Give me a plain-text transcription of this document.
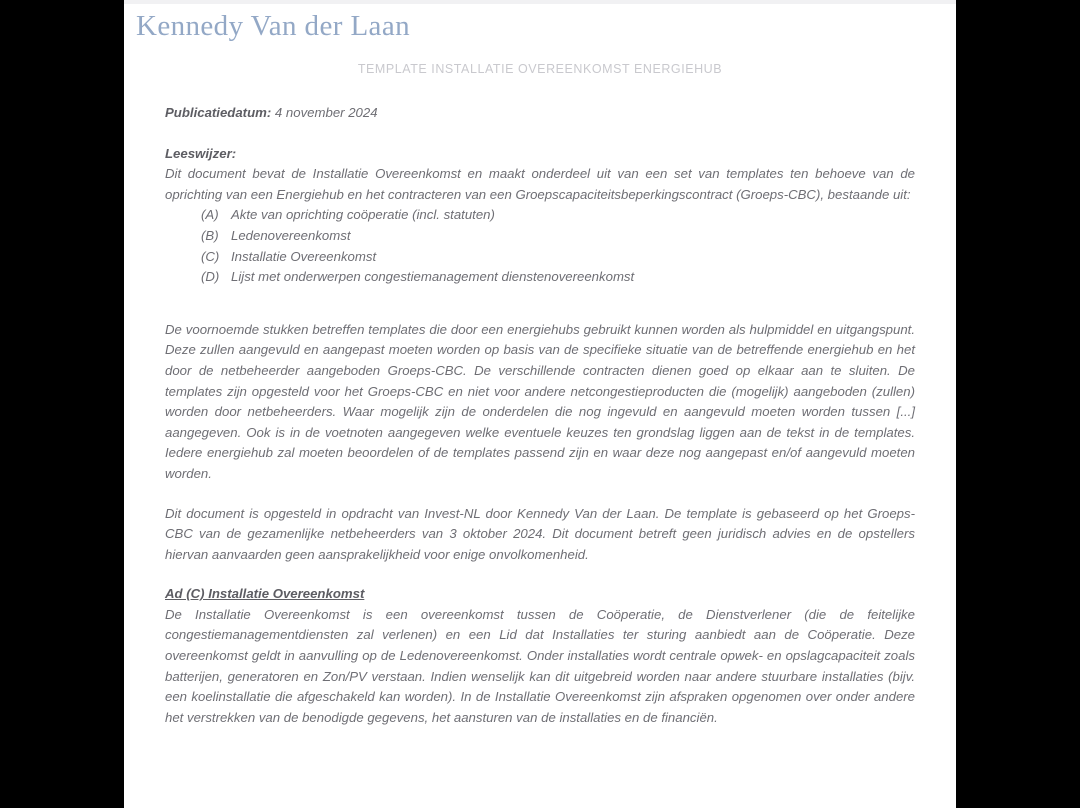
Kennedy Van der Laan
TEMPLATE INSTALLATIE OVEREENKOMST ENERGIEHUB

Publicatiedatum: 4 november 2024

Leeswijzer:

Dit document bevat de Installatie Overeenkomst en maakt onderdeel uit van een set van templates ten behoeve van de oprichting van een Energiehub en het contracteren van een Groepscapaciteitsbeperkingscontract (Groeps-CBC), bestaande uit:

(A) Akte van oprichting coöperatie (incl. statuten)
(B) Ledenovereenkomst
(C) Installatie Overeenkomst
(D) Lijst met onderwerpen congestiemanagement dienstenovereenkomst

De voornoemde stukken betreffen templates die door een energiehubs gebruikt kunnen worden als hulpmiddel en uitgangspunt. Deze zullen aangevuld en aangepast moeten worden op basis van de specifieke situatie van de betreffende energiehub en het door de netbeheerder aangeboden Groeps-CBC. De verschillende contracten dienen goed op elkaar aan te sluiten. De templates zijn opgesteld voor het Groeps-CBC en niet voor andere netcongestieproducten die (mogelijk) aangeboden (zullen) worden door netbeheerders. Waar mogelijk zijn de onderdelen die nog ingevuld en aangevuld moeten worden tussen [...] aangegeven. Ook is in de voetnoten aangegeven welke eventuele keuzes ten grondslag liggen aan de tekst in de templates. Iedere energiehub zal moeten beoordelen of de templates passend zijn en waar deze nog aangepast en/of aangevuld moeten worden.

Dit document is opgesteld in opdracht van Invest-NL door Kennedy Van der Laan. De template is gebaseerd op het Groeps-CBC van de gezamenlijke netbeheerders van 3 oktober 2024. Dit document betreft geen juridisch advies en de opstellers hiervan aanvaarden geen aansprakelijkheid voor enige onvolkomenheid.

Ad (C) Installatie Overeenkomst

De Installatie Overeenkomst is een overeenkomst tussen de Coöperatie, de Dienstverlener (die de feitelijke congestiemanagementdiensten zal verlenen) en een Lid dat Installaties ter sturing aanbiedt aan de Coöperatie. Deze overeenkomst geldt in aanvulling op de Ledenovereenkomst. Onder installaties wordt centrale opwek- en opslagcapaciteit zoals batterijen, generatoren en Zon/PV verstaan. Indien wenselijk kan dit uitgebreid worden naar andere stuurbare installaties (bijv. een koelinstallatie die afgeschakeld kan worden). In de Installatie Overeenkomst zijn afspraken opgenomen over onder andere het verstrekken van de benodigde gegevens, het aansturen van de installaties en de financiën.
